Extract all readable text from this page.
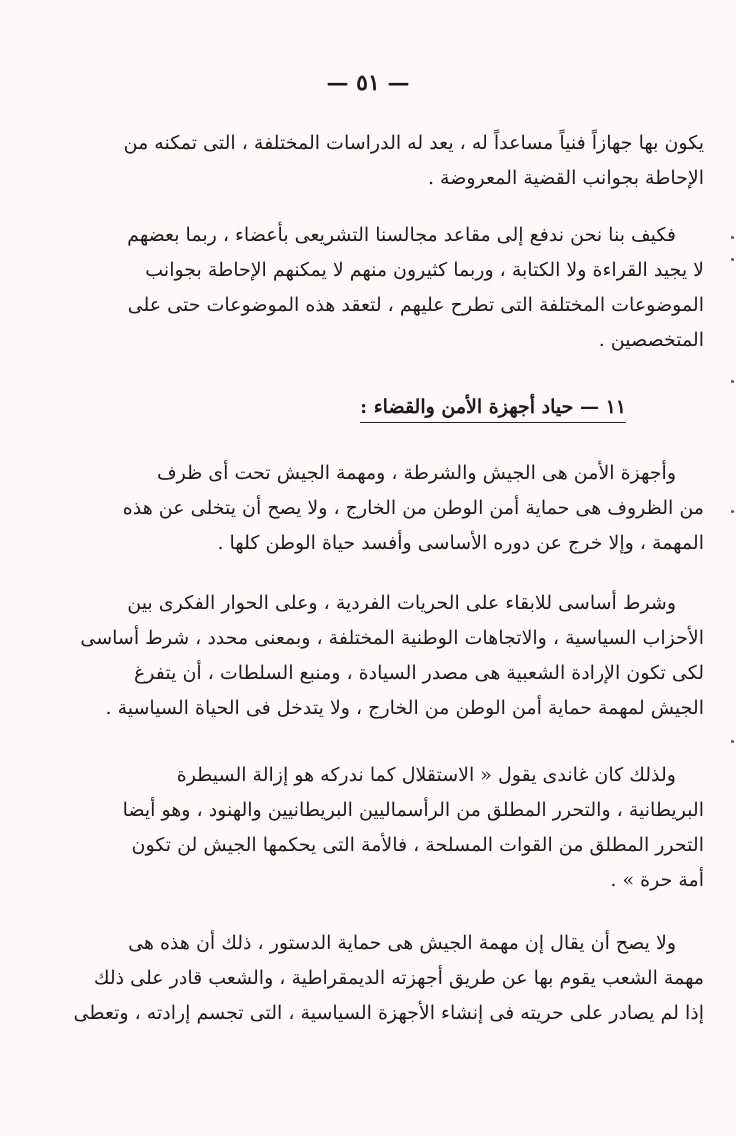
— ٥١ —
يكون بها جهازاً فنياً مساعداً له ، يعد له الدراسات المختلفة ، التى تمكنه من
الإحاطة بجوانب القضية المعروضة .
فكيف بنا نحن ندفع إلى مقاعد مجالسنا التشريعى بأعضاء ، ربما بعضهم
لا يجيد القراءة ولا الكتابة ، وربما كثيرون منهم لا يمكنهم الإحاطة بجوانب
الموضوعات المختلفة التى تطرح عليهم ، لتعقد هذه الموضوعات حتى على
المتخصصين .
١١ — حياد أجهزة الأمن والقضاء :
وأجهزة الأمن هى الجيش والشرطة ، ومهمة الجيش تحت أى ظرف
من الظروف هى حماية أمن الوطن من الخارج ، ولا يصح أن يتخلى عن هذه
المهمة ، وإلا خرج عن دوره الأساسى وأفسد حياة الوطن كلها .
وشرط أساسى للابقاء على الحريات الفردية ، وعلى الحوار الفكرى بين
الأحزاب السياسية ، والاتجاهات الوطنية المختلفة ، وبمعنى محدد ، شرط أساسى
لكى تكون الإرادة الشعبية هى مصدر السيادة ، ومنبع السلطات ، أن يتفرغ
الجيش لمهمة حماية أمن الوطن من الخارج ، ولا يتدخل فى الحياة السياسية .
ولذلك كان غاندى يقول « الاستقلال كما ندركه هو إزالة السيطرة
البريطانية ، والتحرر المطلق من الرأسماليين البريطانيين والهنود ، وهو أيضا
التحرر المطلق من القوات المسلحة ، فالأمة التى يحكمها الجيش لن تكون
أمة حرة » .
ولا يصح أن يقال إن مهمة الجيش هى حماية الدستور ، ذلك أن هذه هى
مهمة الشعب يقوم بها عن طريق أجهزته الديمقراطية ، والشعب قادر على ذلك
إذا لم يصادر على حريته فى إنشاء الأجهزة السياسية ، التى تجسم إرادته ، وتعطى
